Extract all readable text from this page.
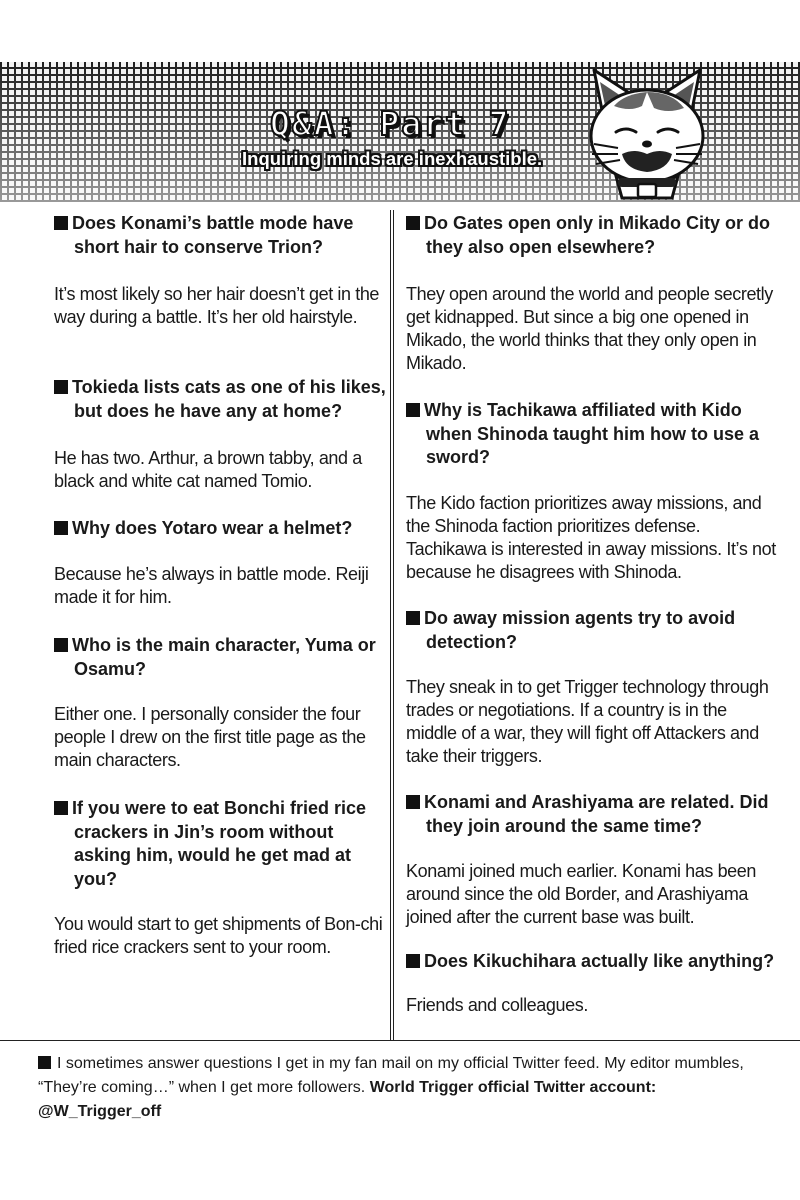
Q&A: Part 7

Inquiring minds are inexhaustible.

Does Konami’s battle mode have short hair to conserve Trion?

It’s most likely so her hair doesn’t get in the way during a battle. It’s her old hairstyle.

Tokieda lists cats as one of his likes, but does he have any at home?

He has two. Arthur, a brown tabby, and a black and white cat named Tomio.

Why does Yotaro wear a helmet?

Because he’s always in battle mode. Reiji made it for him.

Who is the main character, Yuma or Osamu?

Either one. I personally consider the four people I drew on the first title page as the main characters.

If you were to eat Bonchi fried rice crackers in Jin’s room without asking him, would he get mad at you?

You would start to get shipments of Bon-chi fried rice crackers sent to your room.

Do Gates open only in Mikado City or do they also open elsewhere?

They open around the world and people secretly get kidnapped. But since a big one opened in Mikado, the world thinks that they only open in Mikado.

Why is Tachikawa affiliated with Kido when Shinoda taught him how to use a sword?

The Kido faction prioritizes away missions, and the Shinoda faction prioritizes defense. Tachikawa is interested in away missions. It’s not because he disagrees with Shinoda.

Do away mission agents try to avoid detection?

They sneak in to get Trigger technology through trades or negotiations. If a country is in the middle of a war, they will fight off Attackers and take their triggers.

Konami and Arashiyama are related. Did they join around the same time?

Konami joined much earlier. Konami has been around since the old Border, and Arashiyama joined after the current base was built.

Does Kikuchihara actually like anything?

Friends and colleagues.

I sometimes answer questions I get in my fan mail on my official Twitter feed. My editor mumbles, “They’re coming…” when I get more followers. World Trigger official Twitter account: @W_Trigger_off
